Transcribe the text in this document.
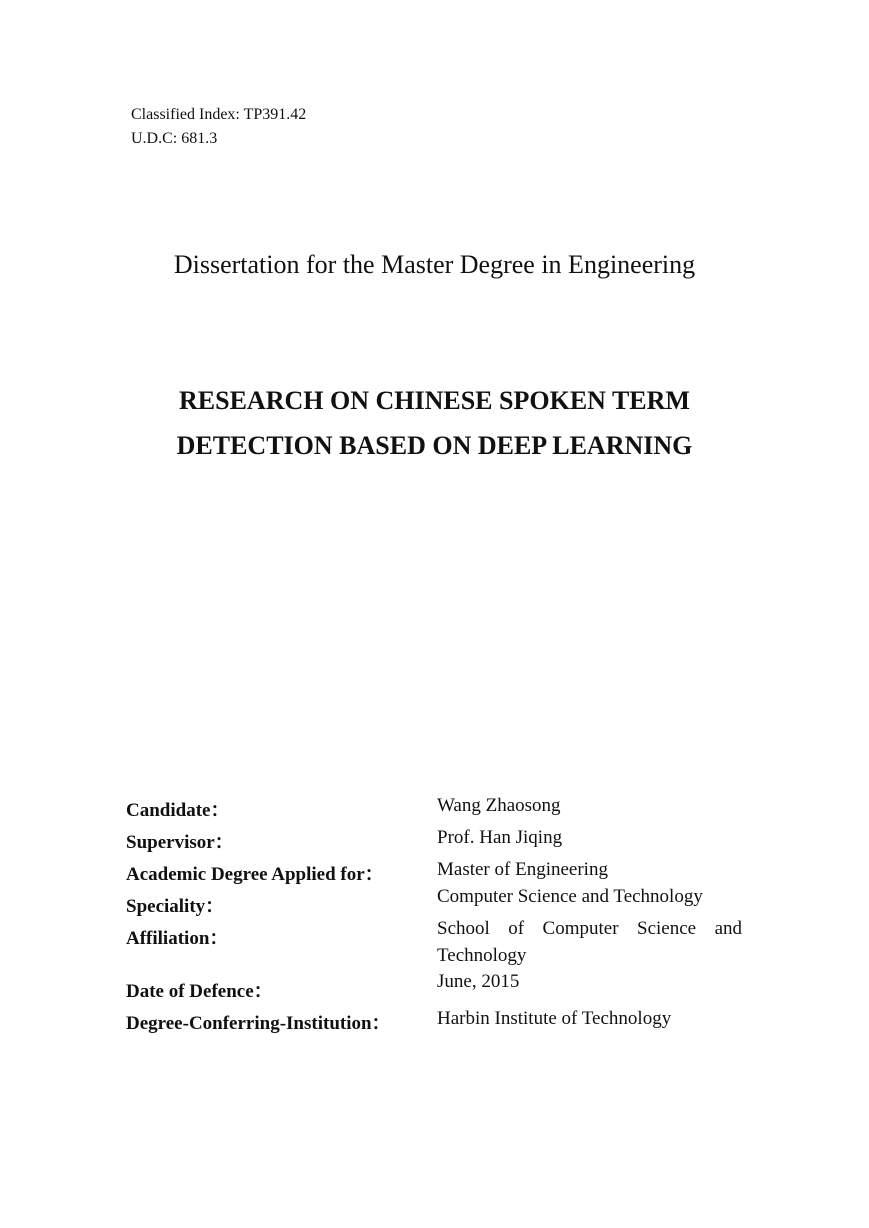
Classified Index: TP391.42
U.D.C: 681.3
Dissertation for the Master Degree in Engineering
RESEARCH ON CHINESE SPOKEN TERM
DETECTION BASED ON DEEP LEARNING
Candidate：	Wang Zhaosong
Supervisor：	Prof. Han Jiqing
Academic Degree Applied for：	Master of Engineering
Speciality：	Computer Science and Technology
Affiliation：	School of Computer Science and
Technology
Date of Defence：	June, 2015
Degree-Conferring-Institution： Harbin Institute of Technology
